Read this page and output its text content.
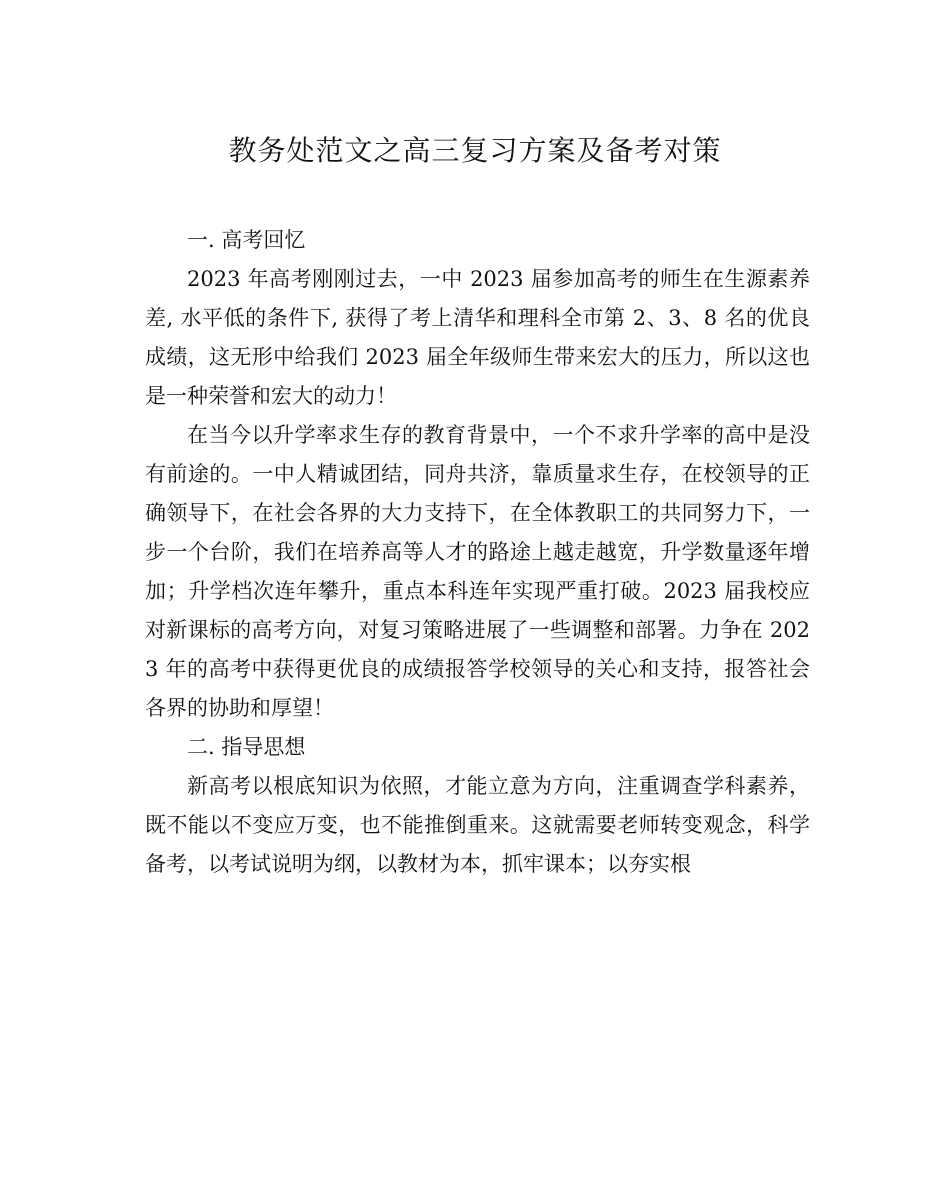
教务处范文之高三复习方案及备考对策

一. 高考回忆

2023 年高考刚刚过去，一中 2023 届参加高考的师生在生源素养差, 水平低的条件下, 获得了考上清华和理科全市第 2、3、8 名的优良成绩，这无形中给我们 2023 届全年级师生带来宏大的压力，所以这也是一种荣誉和宏大的动力！

在当今以升学率求生存的教育背景中，一个不求升学率的高中是没有前途的。一中人精诚团结，同舟共济，靠质量求生存，在校领导的正确领导下，在社会各界的大力支持下，在全体教职工的共同努力下，一步一个台阶，我们在培养高等人才的路途上越走越宽，升学数量逐年增加；升学档次连年攀升，重点本科连年实现严重打破。2023 届我校应对新课标的高考方向，对复习策略进展了一些调整和部署。力争在 2023 年的高考中获得更优良的成绩报答学校领导的关心和支持，报答社会各界的协助和厚望！

二. 指导思想

新高考以根底知识为依照，才能立意为方向，注重调查学科素养，既不能以不变应万变，也不能推倒重来。这就需要老师转变观念，科学备考，以考试说明为纲，以教材为本，抓牢课本；以夯实根
